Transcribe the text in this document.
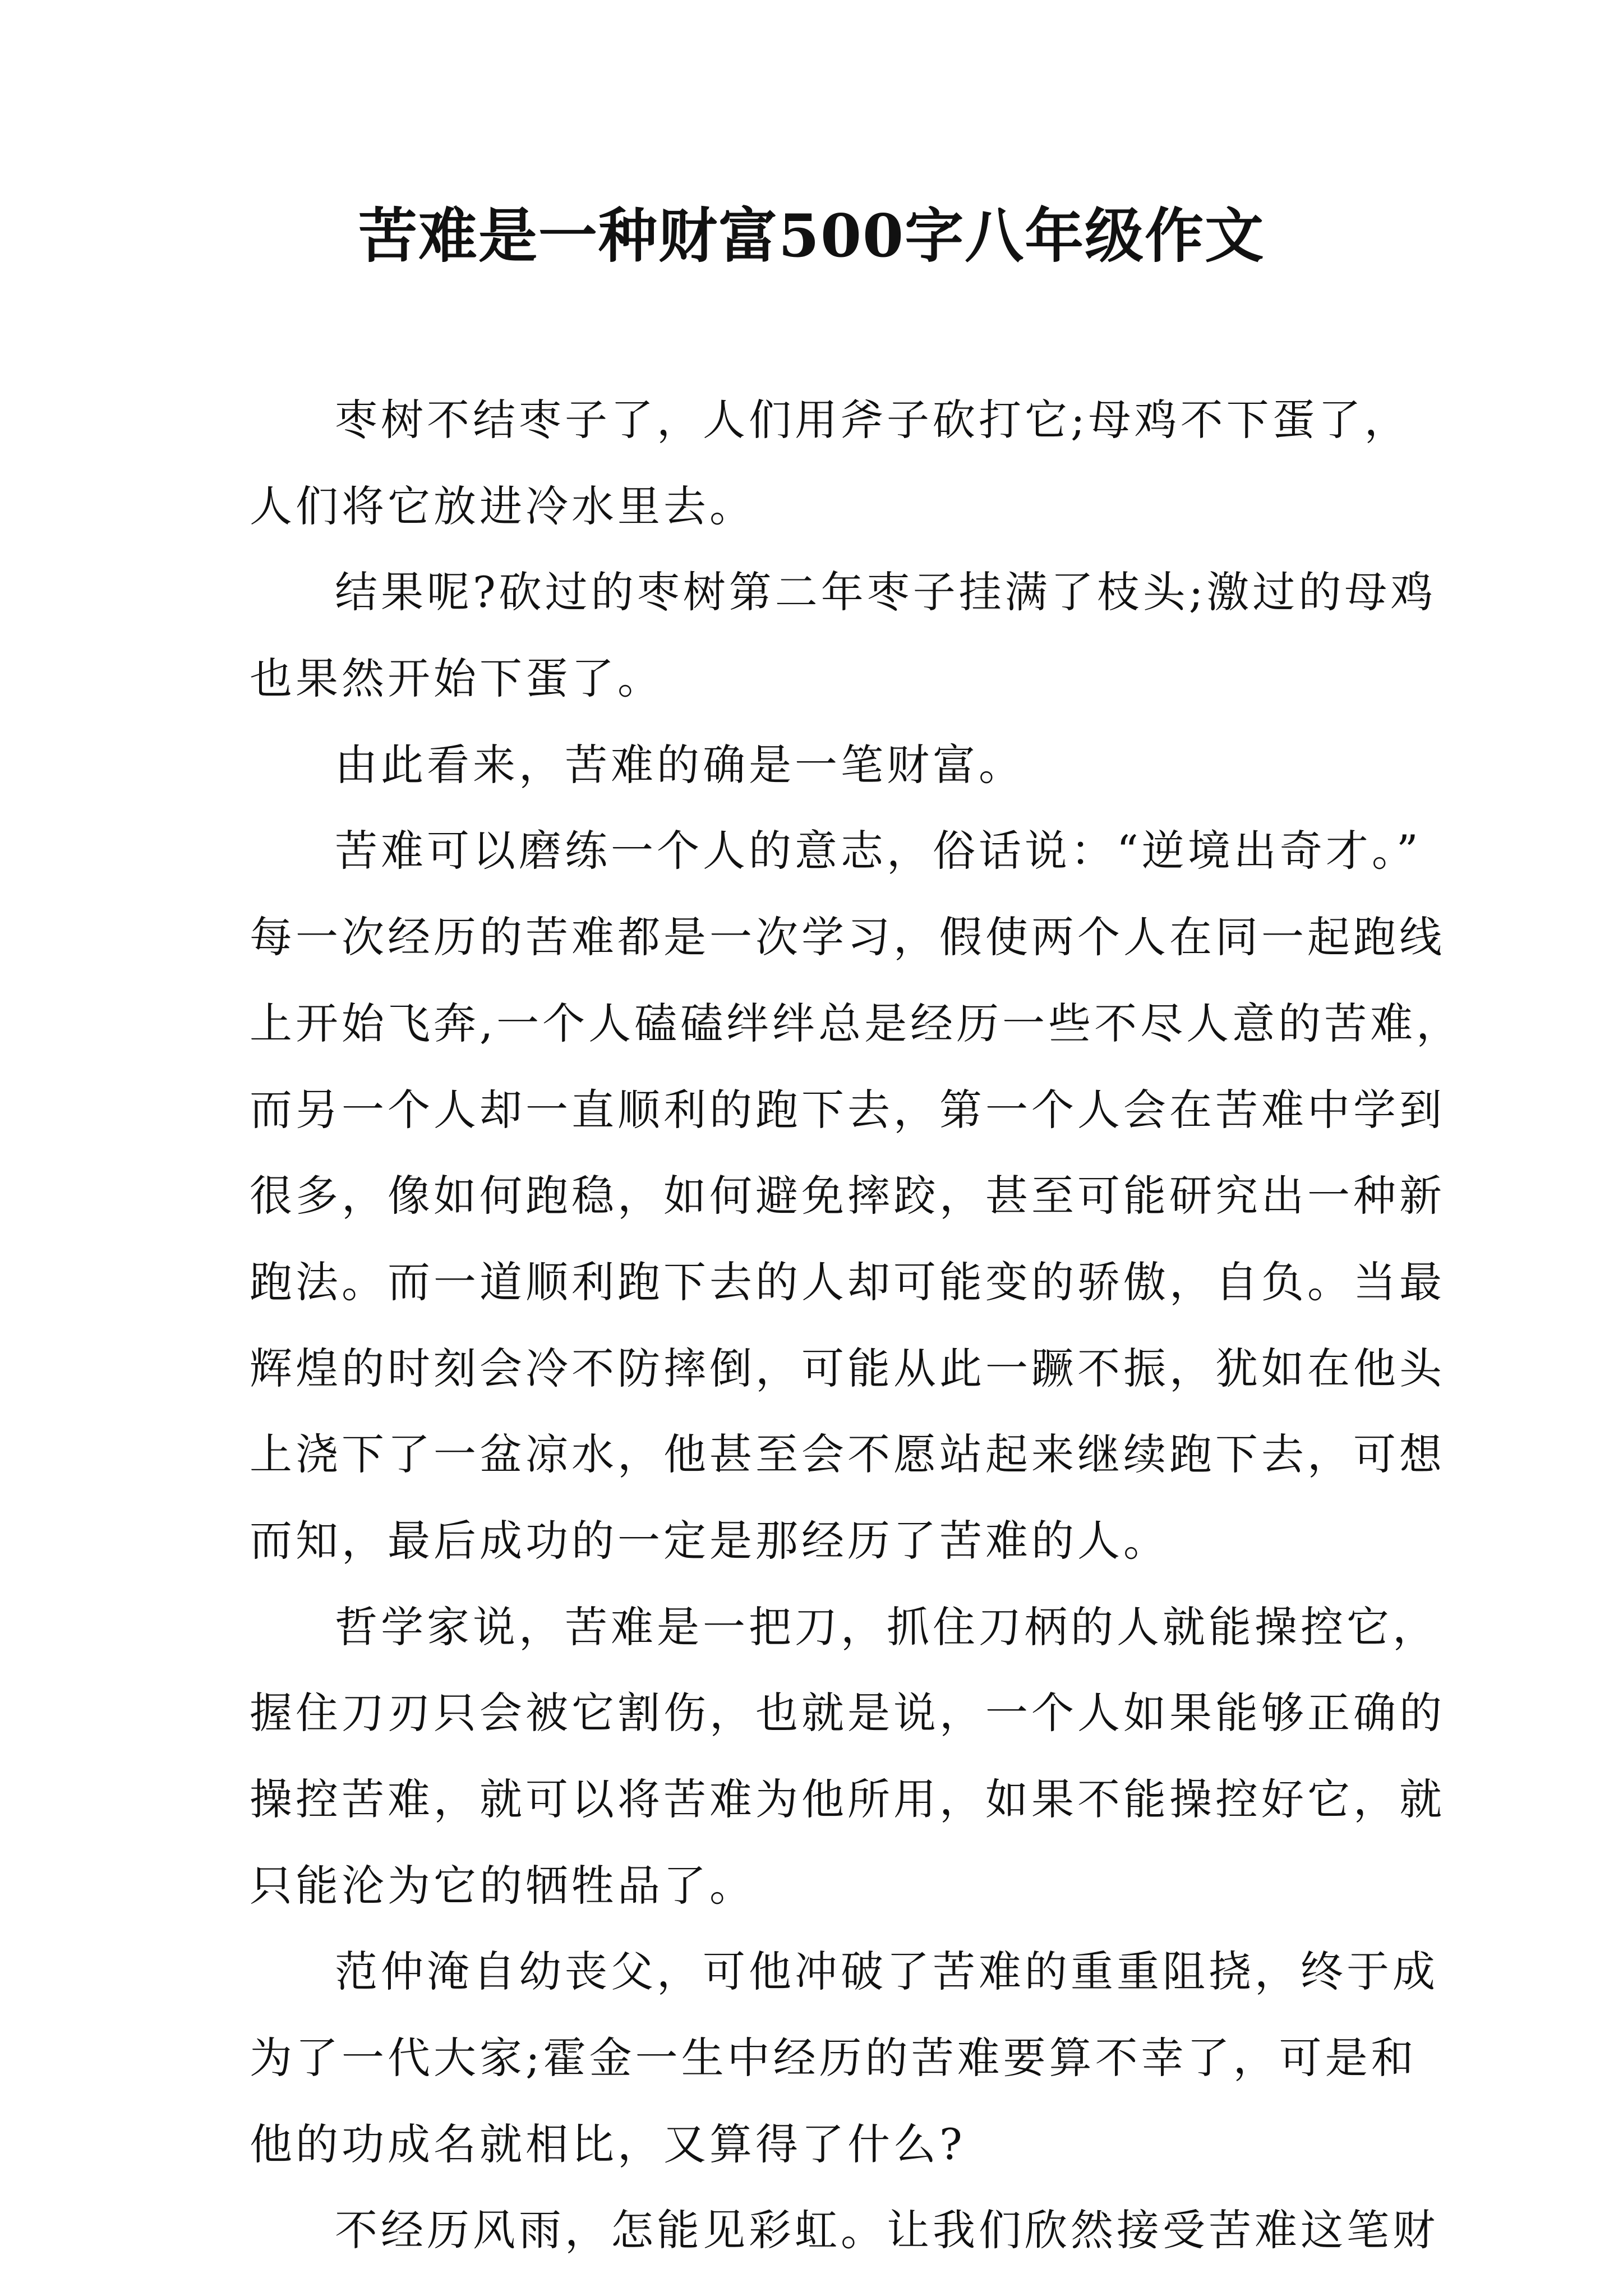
苦难是一种财富500字八年级作文
枣树不结枣子了，人们用斧子砍打它;母鸡不下蛋了，
人们将它放进冷水里去。
结果呢?砍过的枣树第二年枣子挂满了枝头;激过的母鸡
也果然开始下蛋了。
由此看来，苦难的确是一笔财富。
苦难可以磨练一个人的意志，俗话说：“逆境出奇才。”
每一次经历的苦难都是一次学习，假使两个人在同一起跑线
上开始飞奔,一个人磕磕绊绊总是经历一些不尽人意的苦难，
而另一个人却一直顺利的跑下去，第一个人会在苦难中学到
很多，像如何跑稳，如何避免摔跤，甚至可能研究出一种新
跑法。而一道顺利跑下去的人却可能变的骄傲，自负。当最
辉煌的时刻会冷不防摔倒，可能从此一蹶不振，犹如在他头
上浇下了一盆凉水，他甚至会不愿站起来继续跑下去，可想
而知，最后成功的一定是那经历了苦难的人。
哲学家说，苦难是一把刀，抓住刀柄的人就能操控它，
握住刀刃只会被它割伤，也就是说，一个人如果能够正确的
操控苦难，就可以将苦难为他所用，如果不能操控好它，就
只能沦为它的牺牲品了。
范仲淹自幼丧父，可他冲破了苦难的重重阻挠，终于成
为了一代大家;霍金一生中经历的苦难要算不幸了，可是和
他的功成名就相比，又算得了什么?
不经历风雨，怎能见彩虹。让我们欣然接受苦难这笔财
